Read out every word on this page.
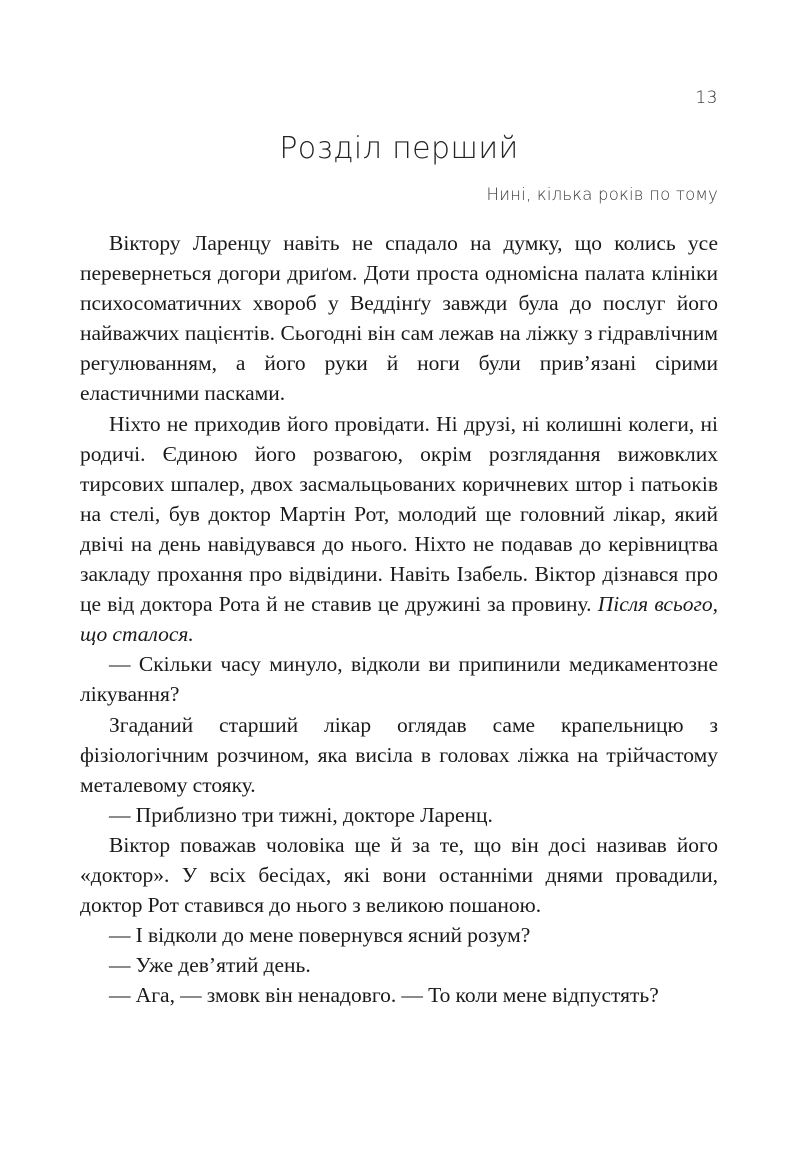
13
Розділ перший
Нині, кілька років по тому

Віктору Ларенцу навіть не спадало на думку, що колись усе перевернеться догори дриґом. Доти проста одномісна палата клініки психосоматичних хвороб у Веддінґу завжди була до послуг його найважчих пацієнтів. Сьогодні він сам лежав на ліжку з гідравлічним регулюванням, а його руки й ноги були прив’язані сірими еластичними пасками.

Ніхто не приходив його провідати. Ні друзі, ні колишні колеги, ні родичі. Єдиною його розвагою, окрім розглядання вижовклих тирсових шпалер, двох засмальцьованих коричневих штор і патьоків на стелі, був доктор Мартін Рот, молодий ще головний лікар, який двічі на день навідувався до нього. Ніхто не подавав до керівництва закладу прохання про відвідини. Навіть Ізабель. Віктор дізнався про це від доктора Рота й не ставив це дружині за провину. Після всього, що сталося.

— Скільки часу минуло, відколи ви припинили медикаментозне лікування?

Згаданий старший лікар оглядав саме крапельницю з фізіологічним розчином, яка висіла в головах ліжка на трійчастому металевому стояку.

— Приблизно три тижні, докторе Ларенц.

Віктор поважав чоловіка ще й за те, що він досі називав його «доктор». У всіх бесідах, які вони останніми днями провадили, доктор Рот ставився до нього з великою пошаною.

— І відколи до мене повернувся ясний розум?

— Уже дев’ятий день.

— Ага, — змовк він ненадовго. — То коли мене відпустять?
